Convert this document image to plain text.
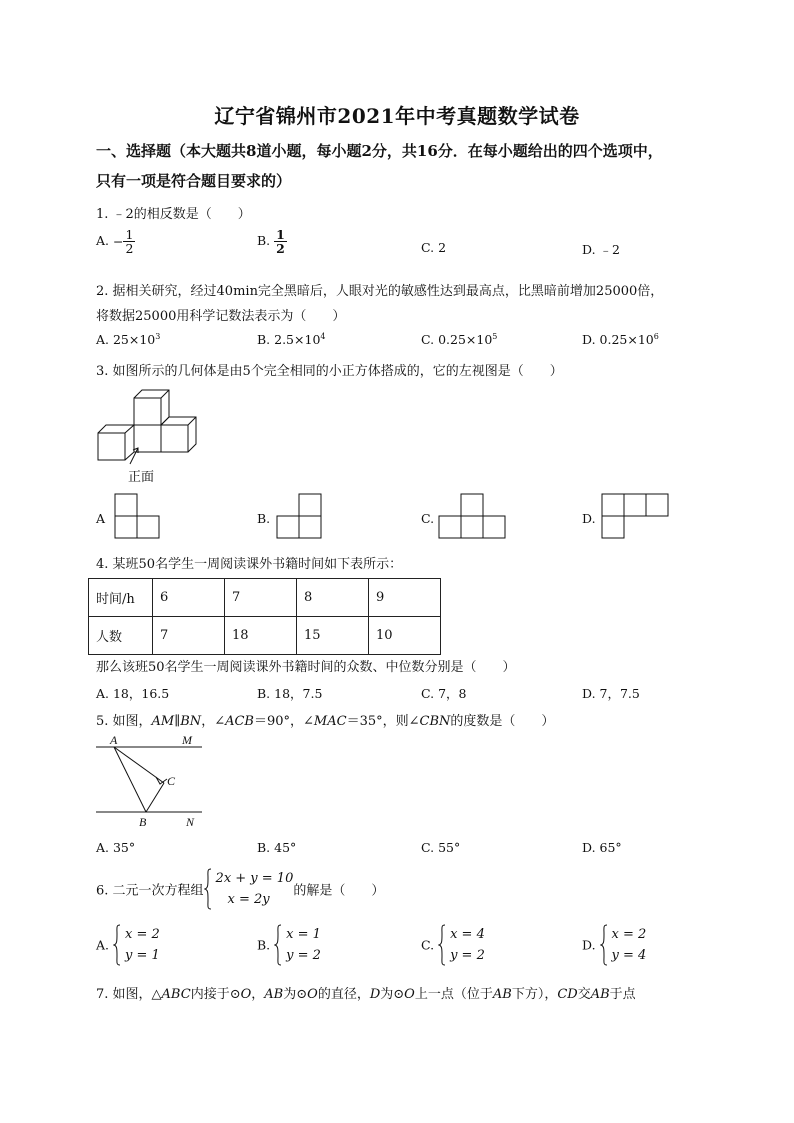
辽宁省锦州市2021年中考真题数学试卷
一、选择题（本大题共8道小题，每小题2分，共16分．在每小题给出的四个选项中，
只有一项是符合题目要求的）
1. ﹣2的相反数是（　　）
A. − $\frac{1}{2}$	B. $\frac{1}{2}$	C. 2	D. ﹣2
2. 据相关研究，经过40min完全黑暗后，人眼对光的敏感性达到最高点，比黑暗前增加25000倍，
将数据25000用科学记数法表示为（　　）
A. $25\times 10^3$	B. $2.5\times 10^4$	C. $0.25\times 10^5$	D. $0.25\times 10^6$
3. 如图所示的几何体是由5个完全相同的小正方体搭成的，它的左视图是（　　）
正面
A	B.	C.	D.
4. 某班50名学生一周阅读课外书籍时间如下表所示：
时间/h	6	7	8	9
人数	7	18	15	10
那么该班50名学生一周阅读课外书籍时间的众数、中位数分别是（　　）
A. 18，16.5	B. 18，7.5	C. 7，8	D. 7，7.5
5. 如图，AM∥BN，∠ACB＝90°，∠MAC＝35°，则∠CBN的度数是（　　）
A	M
C
B	N
A. 35°	B. 45°	C. 55°	D. 65°
6. 二元一次方程组
2x + y = 10
x = 2y
的解是（　　）
A.
x = 2
y = 1
B.
x = 1
y = 2
C.
x = 4
y = 2
D.
x = 2
y = 4
7. 如图，△ABC内接于⊙O，AB为⊙O的直径，D为⊙O上一点（位于AB下方），CD交AB于点
